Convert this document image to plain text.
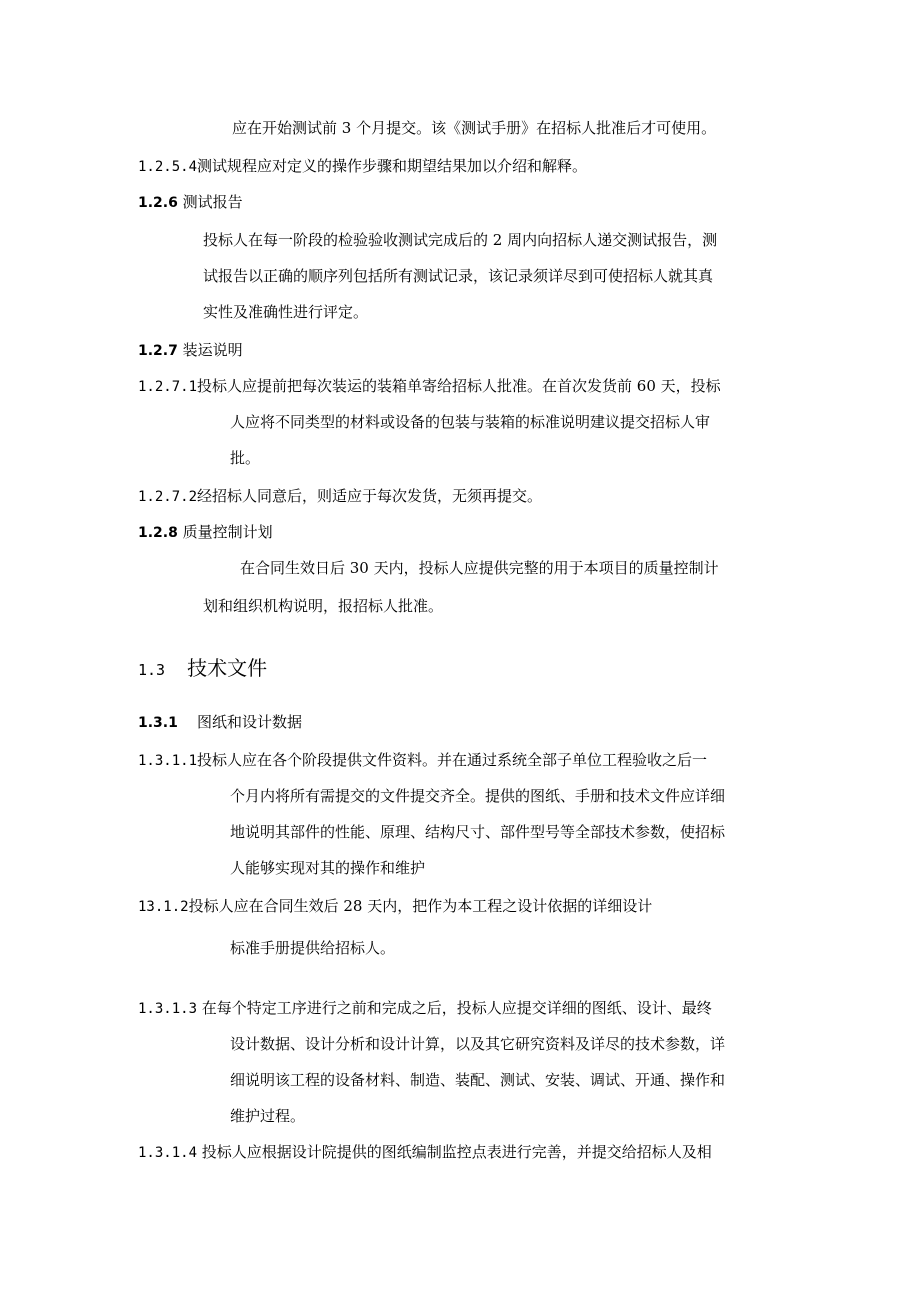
应在开始测试前 3 个月提交。该《测试手册》在招标人批准后才可使用。
1.2.5.4测试规程应对定义的操作步骤和期望结果加以介绍和解释。
1.2.6 测试报告
投标人在每一阶段的检验验收测试完成后的 2 周内向招标人递交测试报告，测
试报告以正确的顺序列包括所有测试记录，该记录须详尽到可使招标人就其真
实性及准确性进行评定。
1.2.7 装运说明
1.2.7.1投标人应提前把每次装运的装箱单寄给招标人批准。在首次发货前 60 天，投标
人应将不同类型的材料或设备的包装与装箱的标准说明建议提交招标人审
批。
1.2.7.2经招标人同意后，则适应于每次发货，无须再提交。
1.2.8 质量控制计划
在合同生效日后 30 天内，投标人应提供完整的用于本项目的质量控制计
划和组织机构说明，报招标人批准。
1.3 技术文件
1.3.1 图纸和设计数据
1.3.1.1投标人应在各个阶段提供文件资料。并在通过系统全部子单位工程验收之后一
个月内将所有需提交的文件提交齐全。提供的图纸、手册和技术文件应详细
地说明其部件的性能、原理、结构尺寸、部件型号等全部技术参数，使招标
人能够实现对其的操作和维护
13.1.2投标人应在合同生效后 28 天内，把作为本工程之设计依据的详细设计
标准手册提供给招标人。
1.3.1.3 在每个特定工序进行之前和完成之后，投标人应提交详细的图纸、设计、最终
设计数据、设计分析和设计计算，以及其它研究资料及详尽的技术参数，详
细说明该工程的设备材料、制造、装配、测试、安装、调试、开通、操作和
维护过程。
1.3.1.4 投标人应根据设计院提供的图纸编制监控点表进行完善，并提交给招标人及相
